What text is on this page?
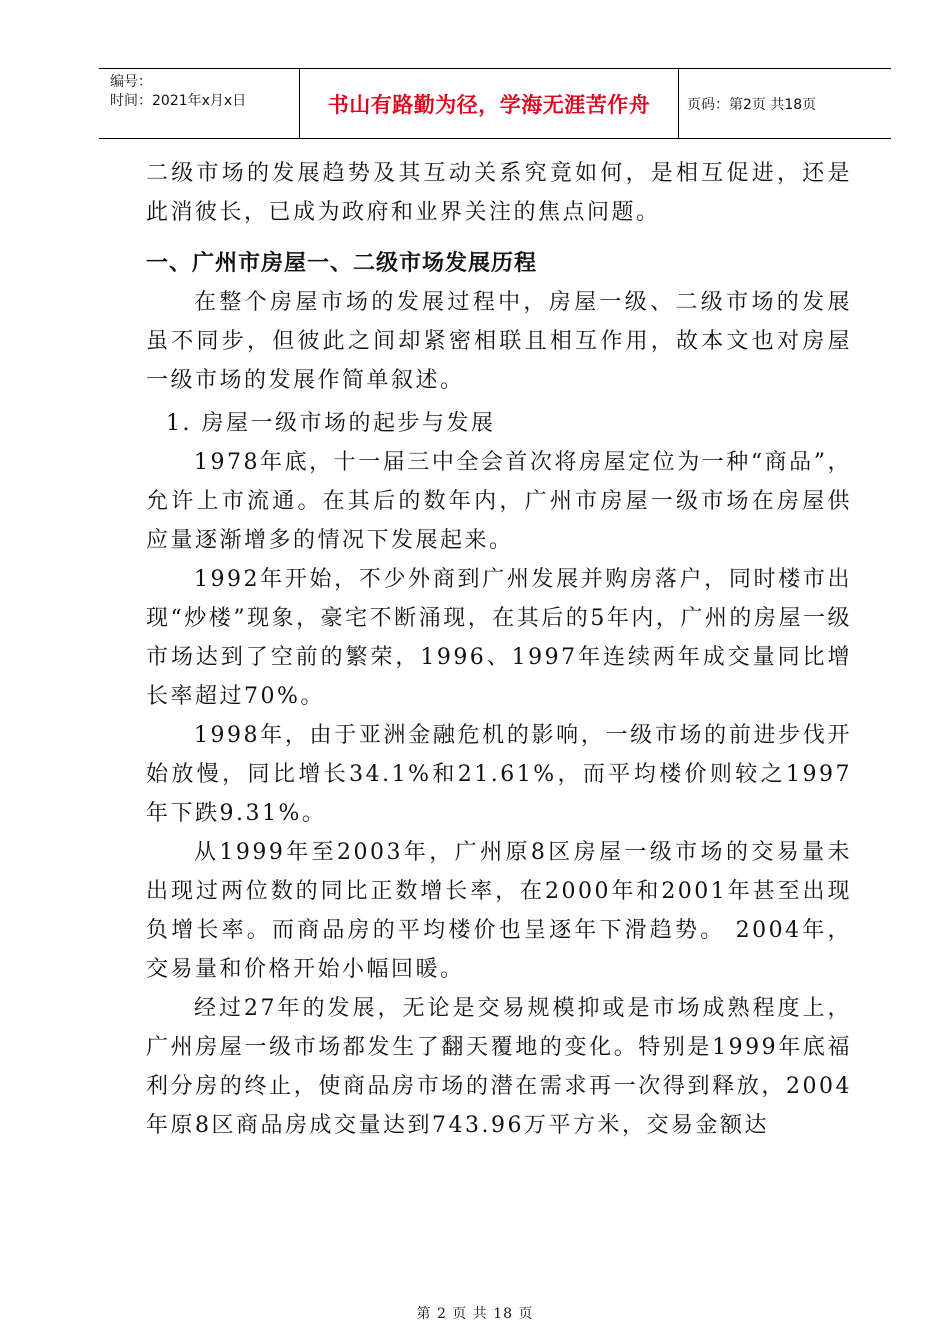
编号：
时间：2021年x月x日	书山有路勤为径，学海无涯苦作舟	页码：第2页 共18页

二级市场的发展趋势及其互动关系究竟如何，是相互促进，还是此消彼长，已成为政府和业界关注的焦点问题。

一、广州市房屋一、二级市场发展历程

在整个房屋市场的发展过程中，房屋一级、二级市场的发展虽不同步，但彼此之间却紧密相联且相互作用，故本文也对房屋一级市场的发展作简单叙述。

1. 房屋一级市场的起步与发展

1978年底，十一届三中全会首次将房屋定位为一种“商品”，允许上市流通。在其后的数年内，广州市房屋一级市场在房屋供应量逐渐增多的情况下发展起来。

1992年开始，不少外商到广州发展并购房落户，同时楼市出现“炒楼”现象，豪宅不断涌现，在其后的5年内，广州的房屋一级市场达到了空前的繁荣，1996、1997年连续两年成交量同比增长率超过70%。

1998年，由于亚洲金融危机的影响，一级市场的前进步伐开始放慢，同比增长34.1%和21.61%，而平均楼价则较之1997年下跌9.31%。

从1999年至2003年，广州原8区房屋一级市场的交易量未出现过两位数的同比正数增长率，在2000年和2001年甚至出现负增长率。而商品房的平均楼价也呈逐年下滑趋势。 2004年，交易量和价格开始小幅回暖。

经过27年的发展，无论是交易规模抑或是市场成熟程度上，广州房屋一级市场都发生了翻天覆地的变化。特别是1999年底福利分房的终止，使商品房市场的潜在需求再一次得到释放，2004年原8区商品房成交量达到743.96万平方米，交易金额达

第 2 页 共 18 页
